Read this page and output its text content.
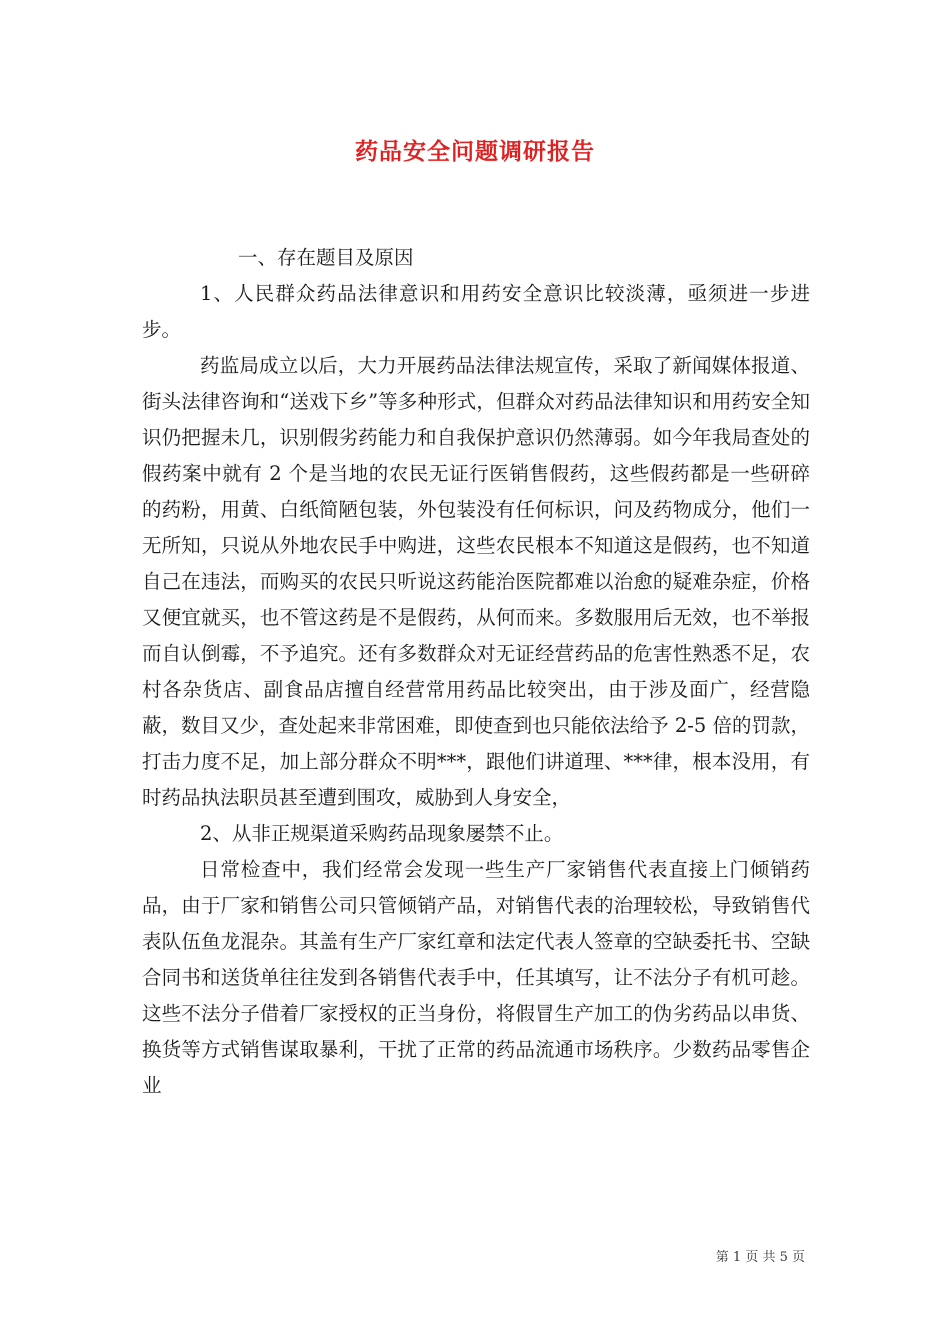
药品安全问题调研报告

一、存在题目及原因

1、人民群众药品法律意识和用药安全意识比较淡薄，亟须进一步进步。

药监局成立以后，大力开展药品法律法规宣传，采取了新闻媒体报道、街头法律咨询和“送戏下乡”等多种形式，但群众对药品法律知识和用药安全知识仍把握未几，识别假劣药能力和自我保护意识仍然薄弱。如今年我局查处的假药案中就有 2 个是当地的农民无证行医销售假药，这些假药都是一些研碎的药粉，用黄、白纸简陋包装，外包装没有任何标识，问及药物成分，他们一无所知，只说从外地农民手中购进，这些农民根本不知道这是假药，也不知道自己在违法，而购买的农民只听说这药能治医院都难以治愈的疑难杂症，价格又便宜就买，也不管这药是不是假药，从何而来。多数服用后无效，也不举报而自认倒霉，不予追究。还有多数群众对无证经营药品的危害性熟悉不足，农村各杂货店、副食品店擅自经营常用药品比较突出，由于涉及面广，经营隐蔽，数目又少，查处起来非常困难，即使查到也只能依法给予 2-5 倍的罚款，打击力度不足，加上部分群众不明***，跟他们讲道理、***律，根本没用，有时药品执法职员甚至遭到围攻，威胁到人身安全，

2、从非正规渠道采购药品现象屡禁不止。

日常检查中，我们经常会发现一些生产厂家销售代表直接上门倾销药品，由于厂家和销售公司只管倾销产品，对销售代表的治理较松，导致销售代表队伍鱼龙混杂。其盖有生产厂家红章和法定代表人签章的空缺委托书、空缺合同书和送货单往往发到各销售代表手中，任其填写，让不法分子有机可趁。这些不法分子借着厂家授权的正当身份，将假冒生产加工的伪劣药品以串货、换货等方式销售谋取暴利，干扰了正常的药品流通市场秩序。少数药品零售企业

第 1 页 共 5 页
